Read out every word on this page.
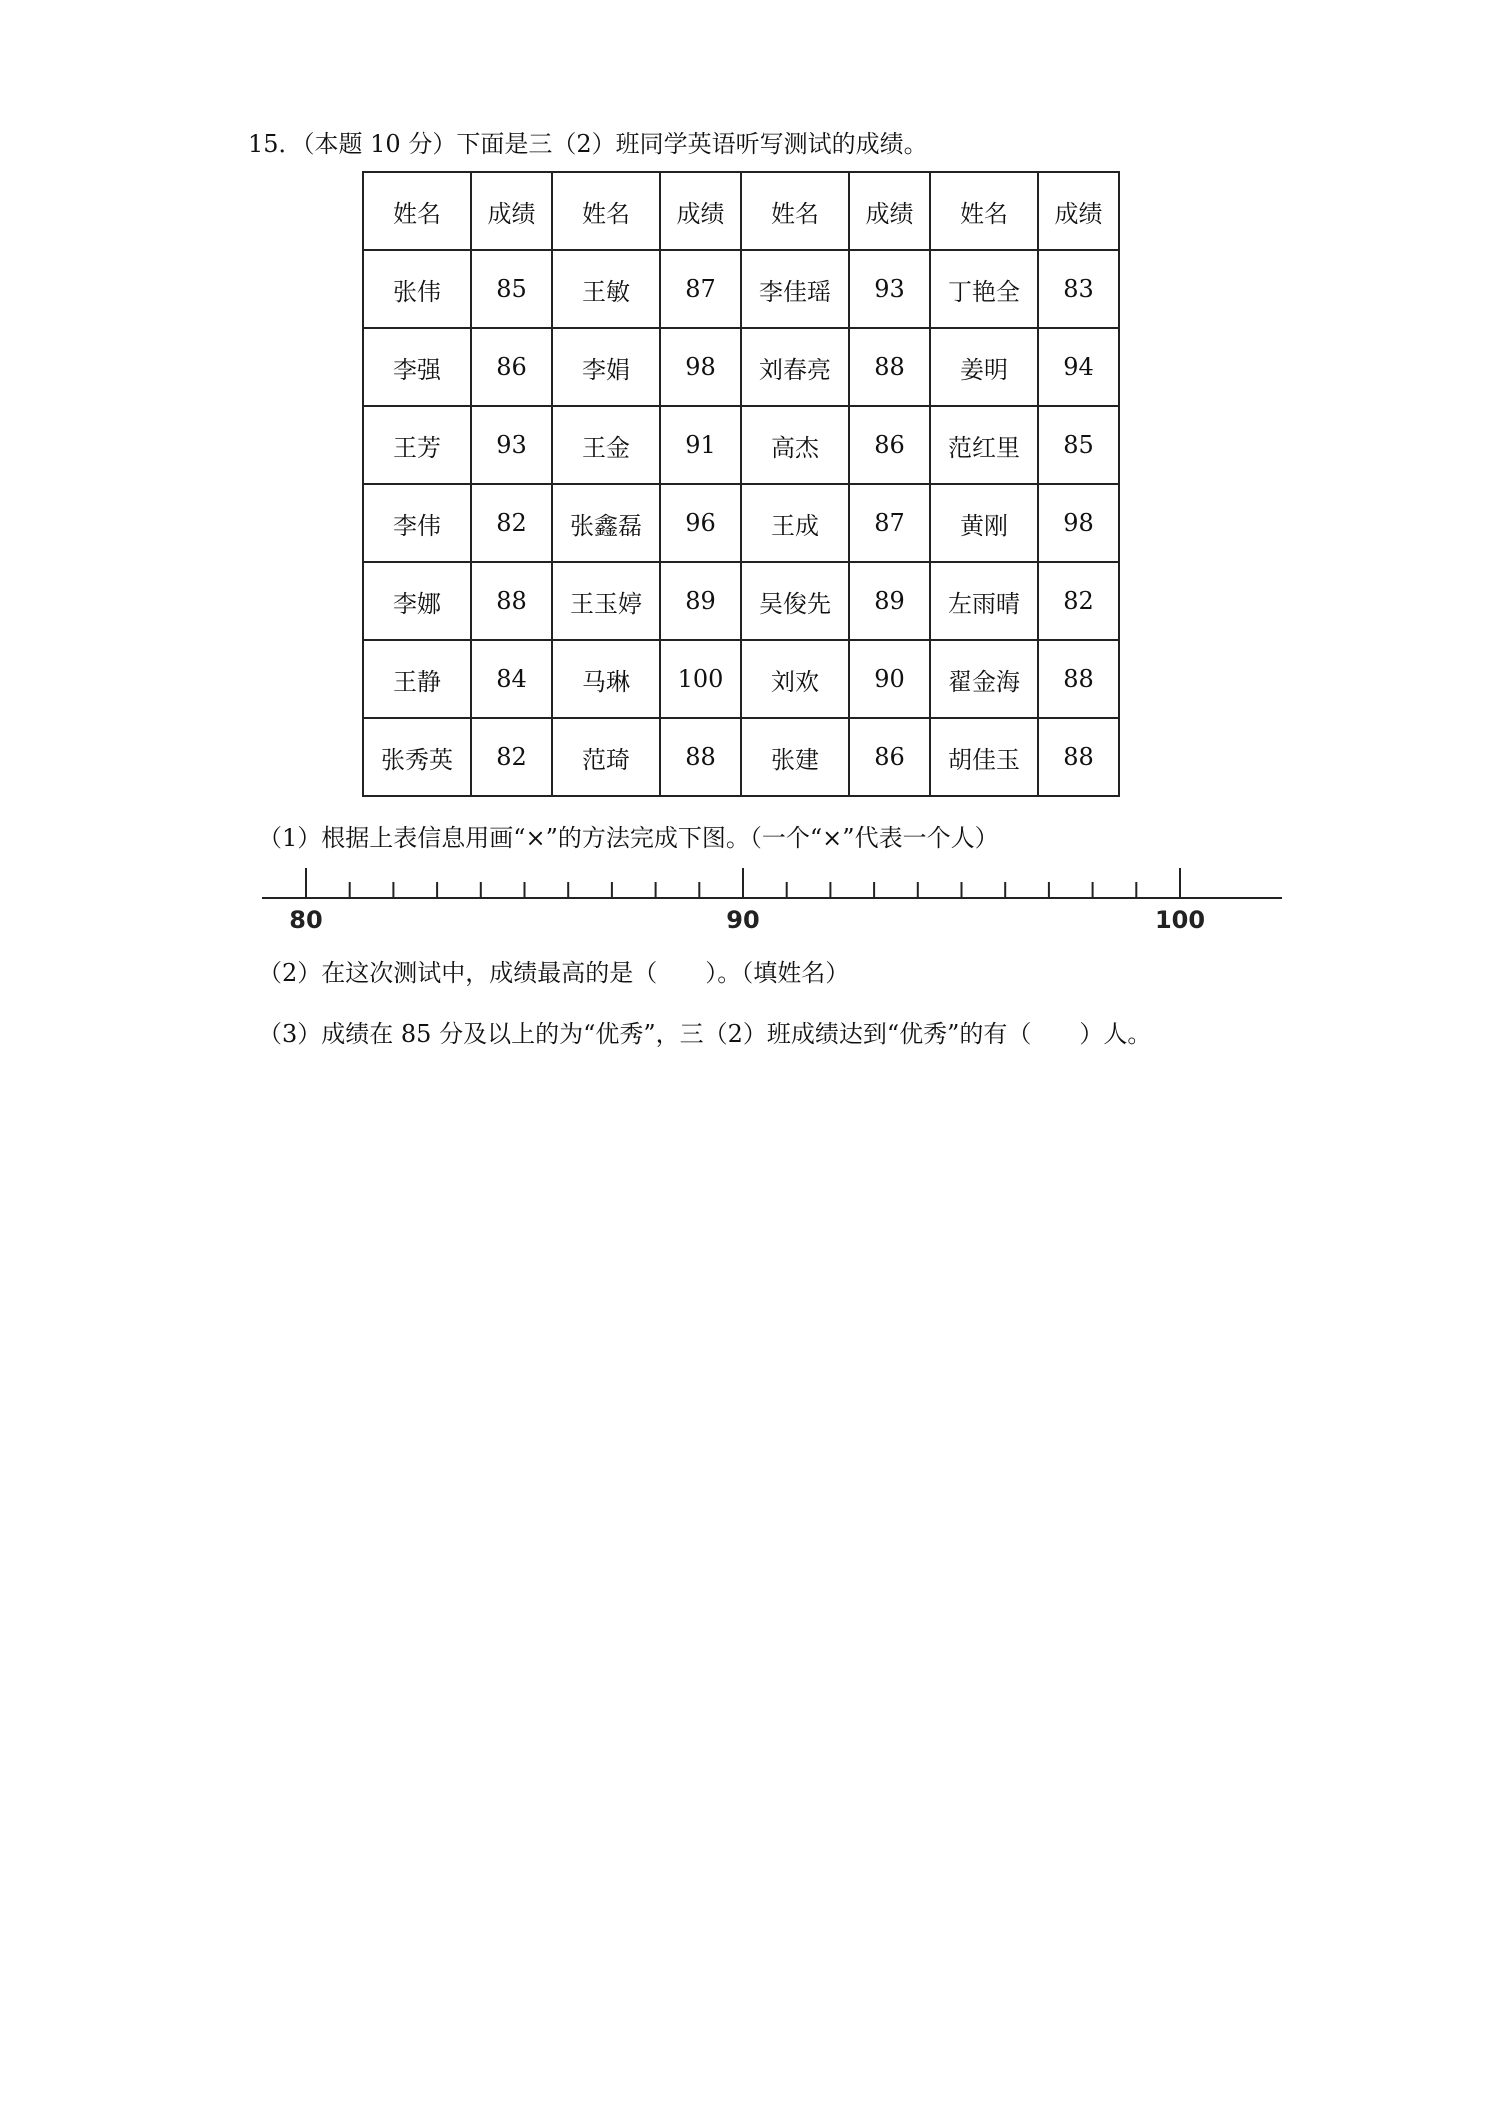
15．（本题 10 分）下面是三（2）班同学英语听写测试的成绩。
姓名	成绩	姓名	成绩	姓名	成绩	姓名	成绩
张伟	85	王敏	87	李佳瑶	93	丁艳全	83
李强	86	李娟	98	刘春亮	88	姜明	94
王芳	93	王金	91	高杰	86	范红里	85
李伟	82	张鑫磊	96	王成	87	黄刚	98
李娜	88	王玉婷	89	吴俊先	89	左雨晴	82
王静	84	马琳	100	刘欢	90	翟金海	88
张秀英	82	范琦	88	张建	86	胡佳玉	88
（1）根据上表信息用画“×”的方法完成下图。（一个“×”代表一个人）
80	90	100
（2）在这次测试中，成绩最高的是（　　）。（填姓名）
（3）成绩在 85 分及以上的为“优秀”，三（2）班成绩达到“优秀”的有（　　）人。
